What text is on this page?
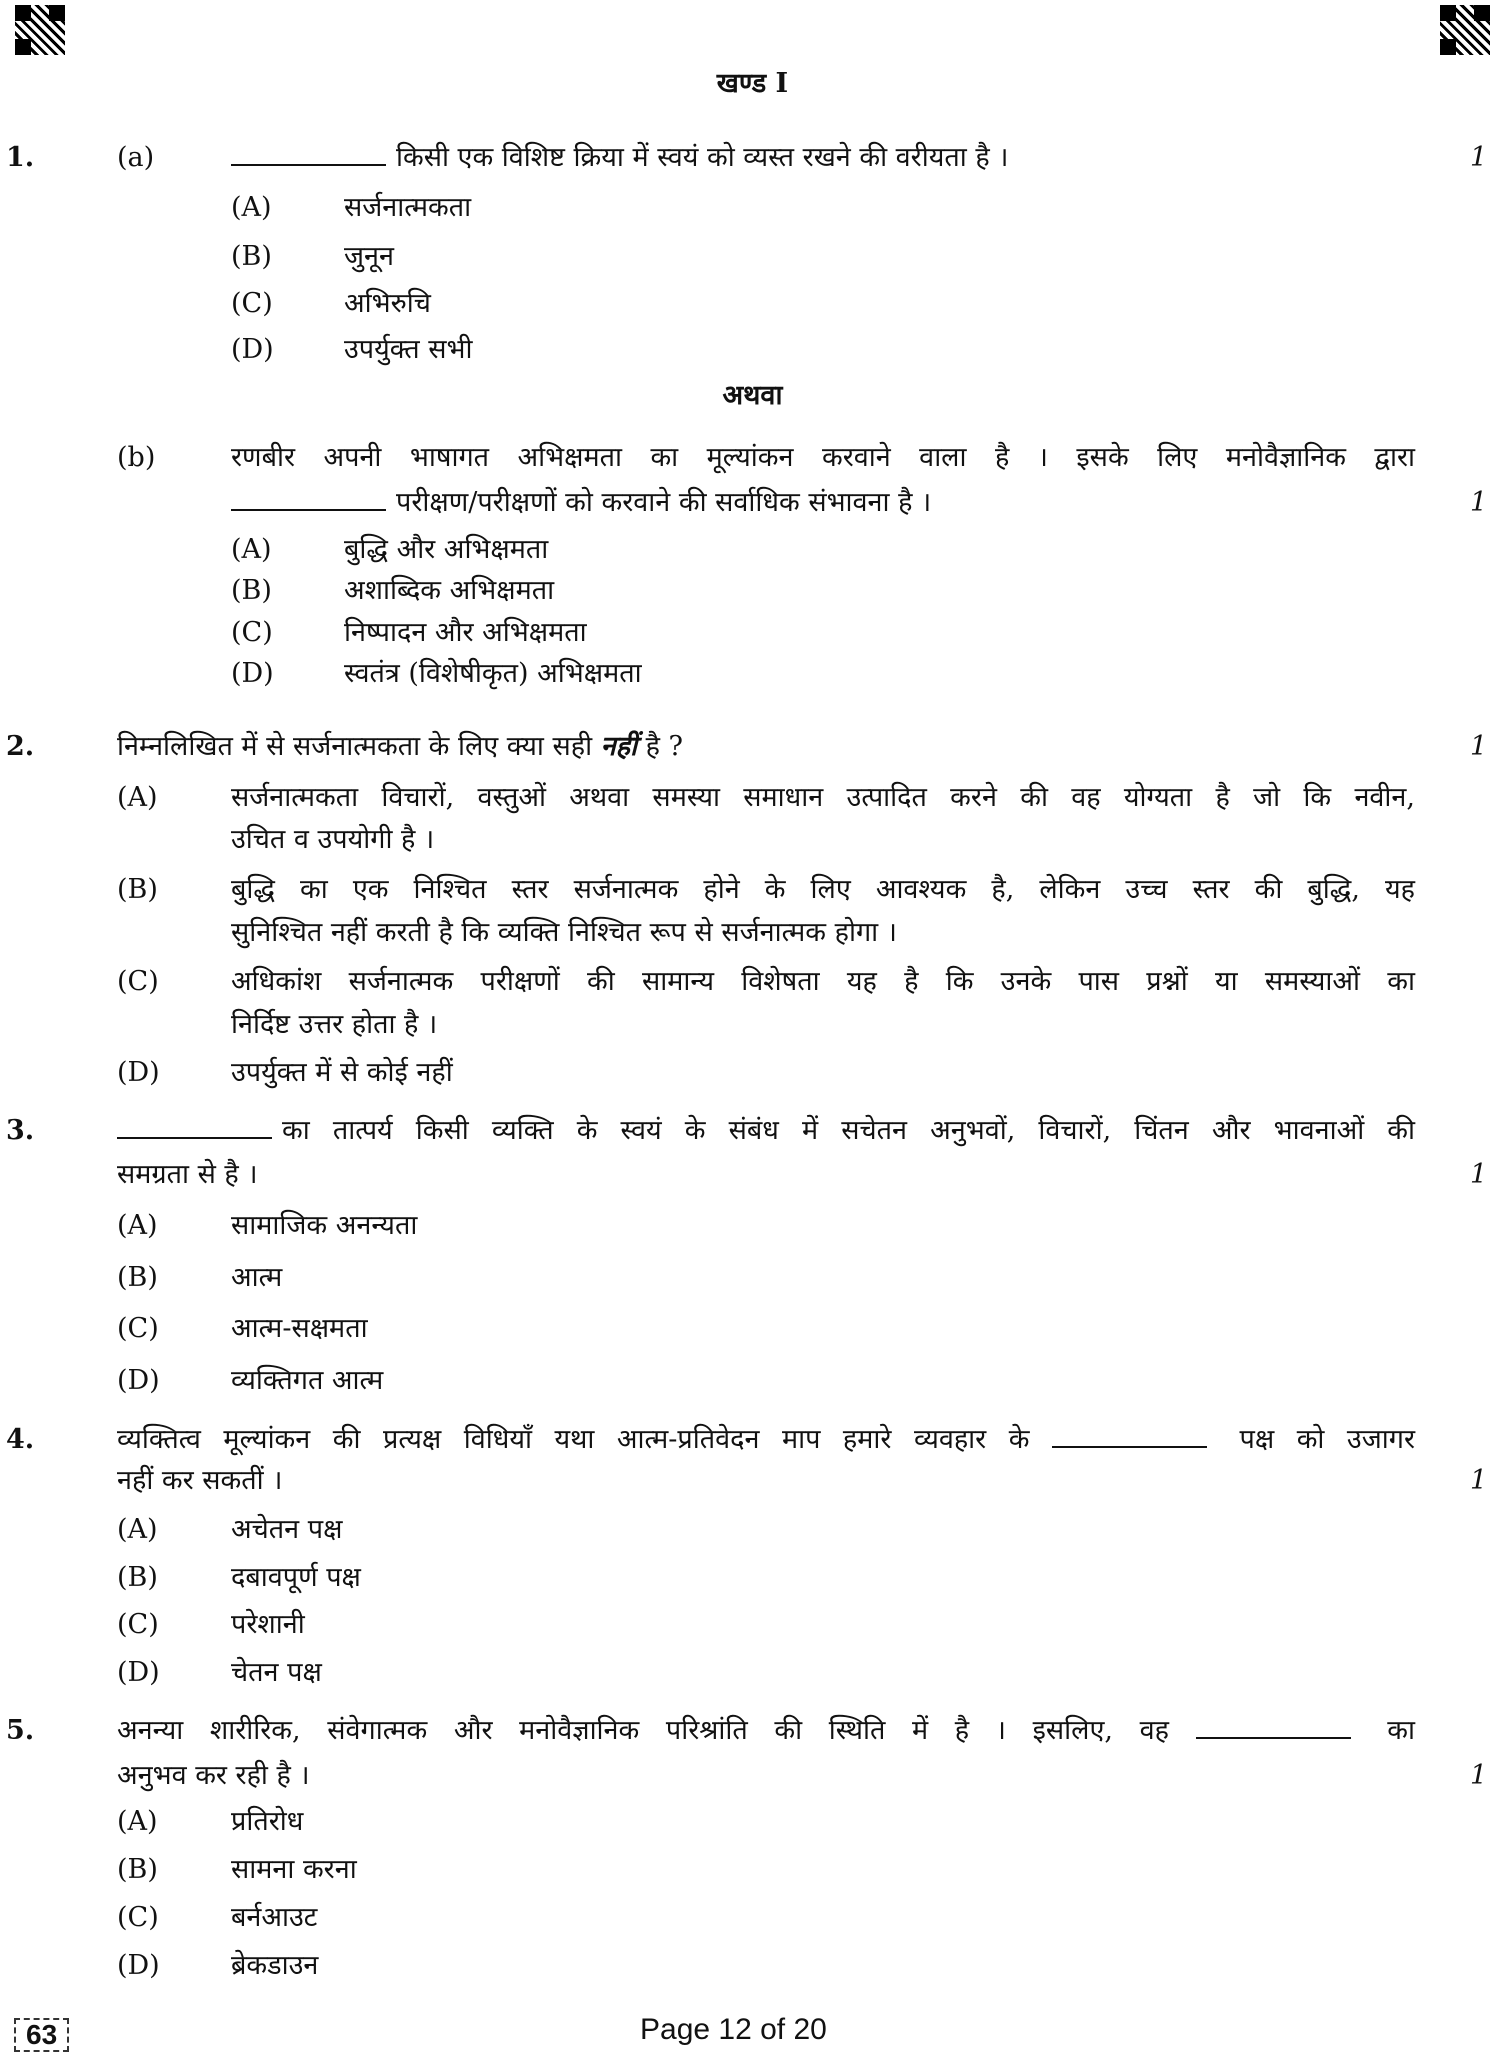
खण्ड I
1.	(a)	किसी एक विशिष्ट क्रिया में स्वयं को व्यस्त रखने की वरीयता है ।	1
(A)	सर्जनात्मकता
(B)	जुनून
(C)	अभिरुचि
(D)	उपर्युक्त सभी
अथवा
(b)	रणबीर अपनी भाषागत अभिक्षमता का मूल्यांकन करवाने वाला है । इसके लिए मनोवैज्ञानिक द्वारा
परीक्षण/परीक्षणों को करवाने की सर्वाधिक संभावना है ।	1
(A)	बुद्धि और अभिक्षमता
(B)	अशाब्दिक अभिक्षमता
(C)	निष्पादन और अभिक्षमता
(D)	स्वतंत्र (विशेषीकृत) अभिक्षमता
2.	निम्नलिखित में से सर्जनात्मकता के लिए क्या सही नहीं है ?	1
(A)	सर्जनात्मकता विचारों, वस्तुओं अथवा समस्या समाधान उत्पादित करने की वह योग्यता है जो कि नवीन,
उचित व उपयोगी है ।
(B)	बुद्धि का एक निश्चित स्तर सर्जनात्मक होने के लिए आवश्यक है, लेकिन उच्च स्तर की बुद्धि, यह
सुनिश्चित नहीं करती है कि व्यक्ति निश्चित रूप से सर्जनात्मक होगा ।
(C)	अधिकांश सर्जनात्मक परीक्षणों की सामान्य विशेषता यह है कि उनके पास प्रश्नों या समस्याओं का
निर्दिष्ट उत्तर होता है ।
(D)	उपर्युक्त में से कोई नहीं
3.	का तात्पर्य किसी व्यक्ति के स्वयं के संबंध में सचेतन अनुभवों, विचारों, चिंतन और भावनाओं की
समग्रता से है ।	1
(A)	सामाजिक अनन्यता
(B)	आत्म
(C)	आत्म-सक्षमता
(D)	व्यक्तिगत आत्म
4.	व्यक्तित्व मूल्यांकन की प्रत्यक्ष विधियाँ यथा आत्म-प्रतिवेदन माप हमारे व्यवहार के	पक्ष को उजागर
नहीं कर सकतीं ।	1
(A)	अचेतन पक्ष
(B)	दबावपूर्ण पक्ष
(C)	परेशानी
(D)	चेतन पक्ष
5.	अनन्या शारीरिक, संवेगात्मक और मनोवैज्ञानिक परिश्रांति की स्थिति में है । इसलिए, वह	का
अनुभव कर रही है ।	1
(A)	प्रतिरोध
(B)	सामना करना
(C)	बर्नआउट
(D)	ब्रेकडाउन
63	Page 12 of 20
